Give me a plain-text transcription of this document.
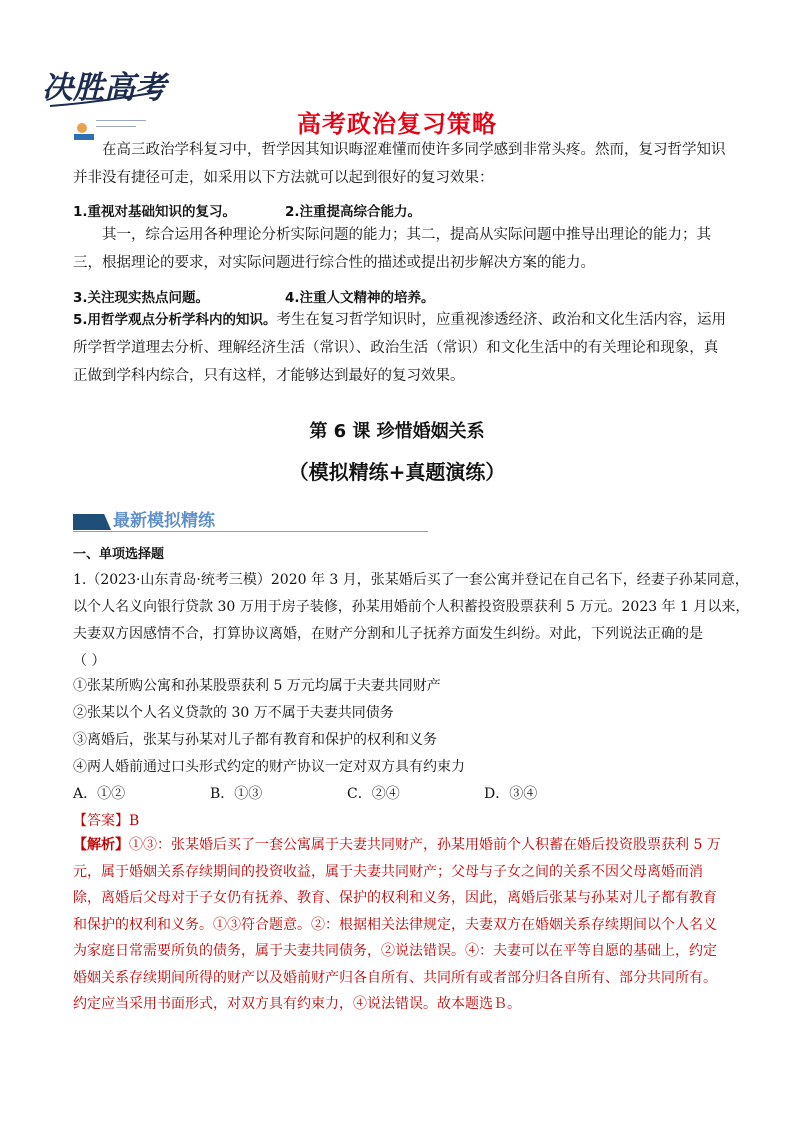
决胜高考
高考政治复习策略
在高三政治学科复习中，哲学因其知识晦涩难懂而使许多同学感到非常头疼。然而，复习哲学知识并非没有捷径可走，如采用以下方法就可以起到很好的复习效果：
1.重视对基础知识的复习。	2.注重提高综合能力。
其一，综合运用各种理论分析实际问题的能力；其二，提高从实际问题中推导出理论的能力；其三，根据理论的要求，对实际问题进行综合性的描述或提出初步解决方案的能力。
3.关注现实热点问题。	4.注重人文精神的培养。
5.用哲学观点分析学科内的知识。考生在复习哲学知识时，应重视渗透经济、政治和文化生活内容，运用所学哲学道理去分析、理解经济生活（常识）、政治生活（常识）和文化生活中的有关理论和现象，真正做到学科内综合，只有这样，才能够达到最好的复习效果。
第 6 课 珍惜婚姻关系
（模拟精练+真题演练）
最新模拟精练
一、单项选择题
1.（2023·山东青岛·统考三模）2020 年 3 月，张某婚后买了一套公寓并登记在自己名下，经妻子孙某同意，
以个人名义向银行贷款 30 万用于房子装修，孙某用婚前个人积蓄投资股票获利 5 万元。2023 年 1 月以来，
夫妻双方因感情不合，打算协议离婚，在财产分割和儿子抚养方面发生纠纷。对此，下列说法正确的是
（ ）
①张某所购公寓和孙某股票获利 5 万元均属于夫妻共同财产
②张某以个人名义贷款的 30 万不属于夫妻共同债务
③离婚后，张某与孙某对儿子都有教育和保护的权利和义务
④两人婚前通过口头形式约定的财产协议一定对双方具有约束力
A．①②	B．①③	C．②④	D．③④
【答案】B
【解析】①③：张某婚后买了一套公寓属于夫妻共同财产，孙某用婚前个人积蓄在婚后投资股票获利 5 万元，属于婚姻关系存续期间的投资收益，属于夫妻共同财产；父母与子女之间的关系不因父母离婚而消除，离婚后父母对于子女仍有抚养、教育、保护的权利和义务，因此，离婚后张某与孙某对儿子都有教育和保护的权利和义务。①③符合题意。②：根据相关法律规定，夫妻双方在婚姻关系存续期间以个人名义为家庭日常需要所负的债务，属于夫妻共同债务，②说法错误。④：夫妻可以在平等自愿的基础上，约定婚姻关系存续期间所得的财产以及婚前财产归各自所有、共同所有或者部分归各自所有、部分共同所有。约定应当采用书面形式，对双方具有约束力，④说法错误。故本题选Ｂ。
